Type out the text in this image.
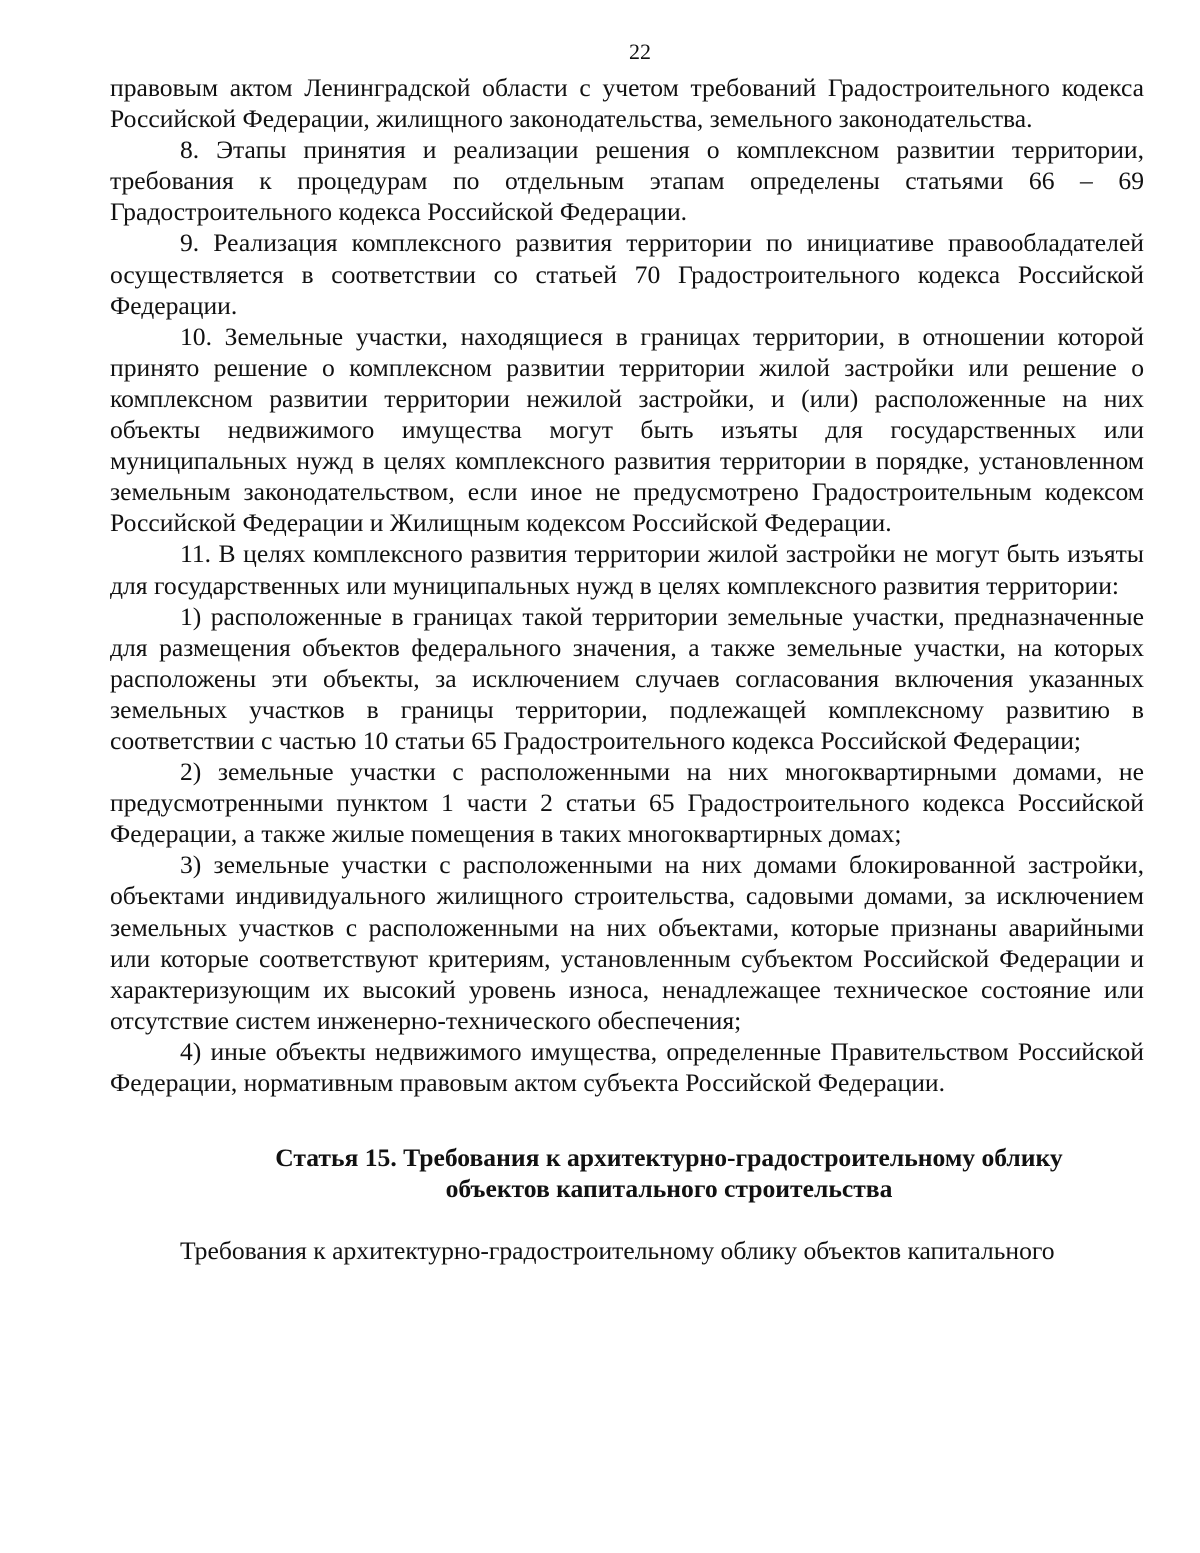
22

правовым актом Ленинградской области с учетом требований Градостроительного кодекса Российской Федерации, жилищного законодательства, земельного законодательства.

8. Этапы принятия и реализации решения о комплексном развитии территории, требования к процедурам по отдельным этапам определены статьями 66 – 69 Градостроительного кодекса Российской Федерации.

9. Реализация комплексного развития территории по инициативе правообладателей осуществляется в соответствии со статьей 70 Градостроительного кодекса Российской Федерации.

10. Земельные участки, находящиеся в границах территории, в отношении которой принято решение о комплексном развитии территории жилой застройки или решение о комплексном развитии территории нежилой застройки, и (или) расположенные на них объекты недвижимого имущества могут быть изъяты для государственных или муниципальных нужд в целях комплексного развития территории в порядке, установленном земельным законодательством, если иное не предусмотрено Градостроительным кодексом Российской Федерации и Жилищным кодексом Российской Федерации.

11. В целях комплексного развития территории жилой застройки не могут быть изъяты для государственных или муниципальных нужд в целях комплексного развития территории:

1) расположенные в границах такой территории земельные участки, предназначенные для размещения объектов федерального значения, а также земельные участки, на которых расположены эти объекты, за исключением случаев согласования включения указанных земельных участков в границы территории, подлежащей комплексному развитию в соответствии с частью 10 статьи 65 Градостроительного кодекса Российской Федерации;

2) земельные участки с расположенными на них многоквартирными домами, не предусмотренными пунктом 1 части 2 статьи 65 Градостроительного кодекса Российской Федерации, а также жилые помещения в таких многоквартирных домах;

3) земельные участки с расположенными на них домами блокированной застройки, объектами индивидуального жилищного строительства, садовыми домами, за исключением земельных участков с расположенными на них объектами, которые признаны аварийными или которые соответствуют критериям, установленным субъектом Российской Федерации и характеризующим их высокий уровень износа, ненадлежащее техническое состояние или отсутствие систем инженерно-технического обеспечения;

4) иные объекты недвижимого имущества, определенные Правительством Российской Федерации, нормативным правовым актом субъекта Российской Федерации.

Статья 15. Требования к архитектурно-градостроительному облику
объектов капитального строительства

Требования к архитектурно-градостроительному облику объектов капитального
